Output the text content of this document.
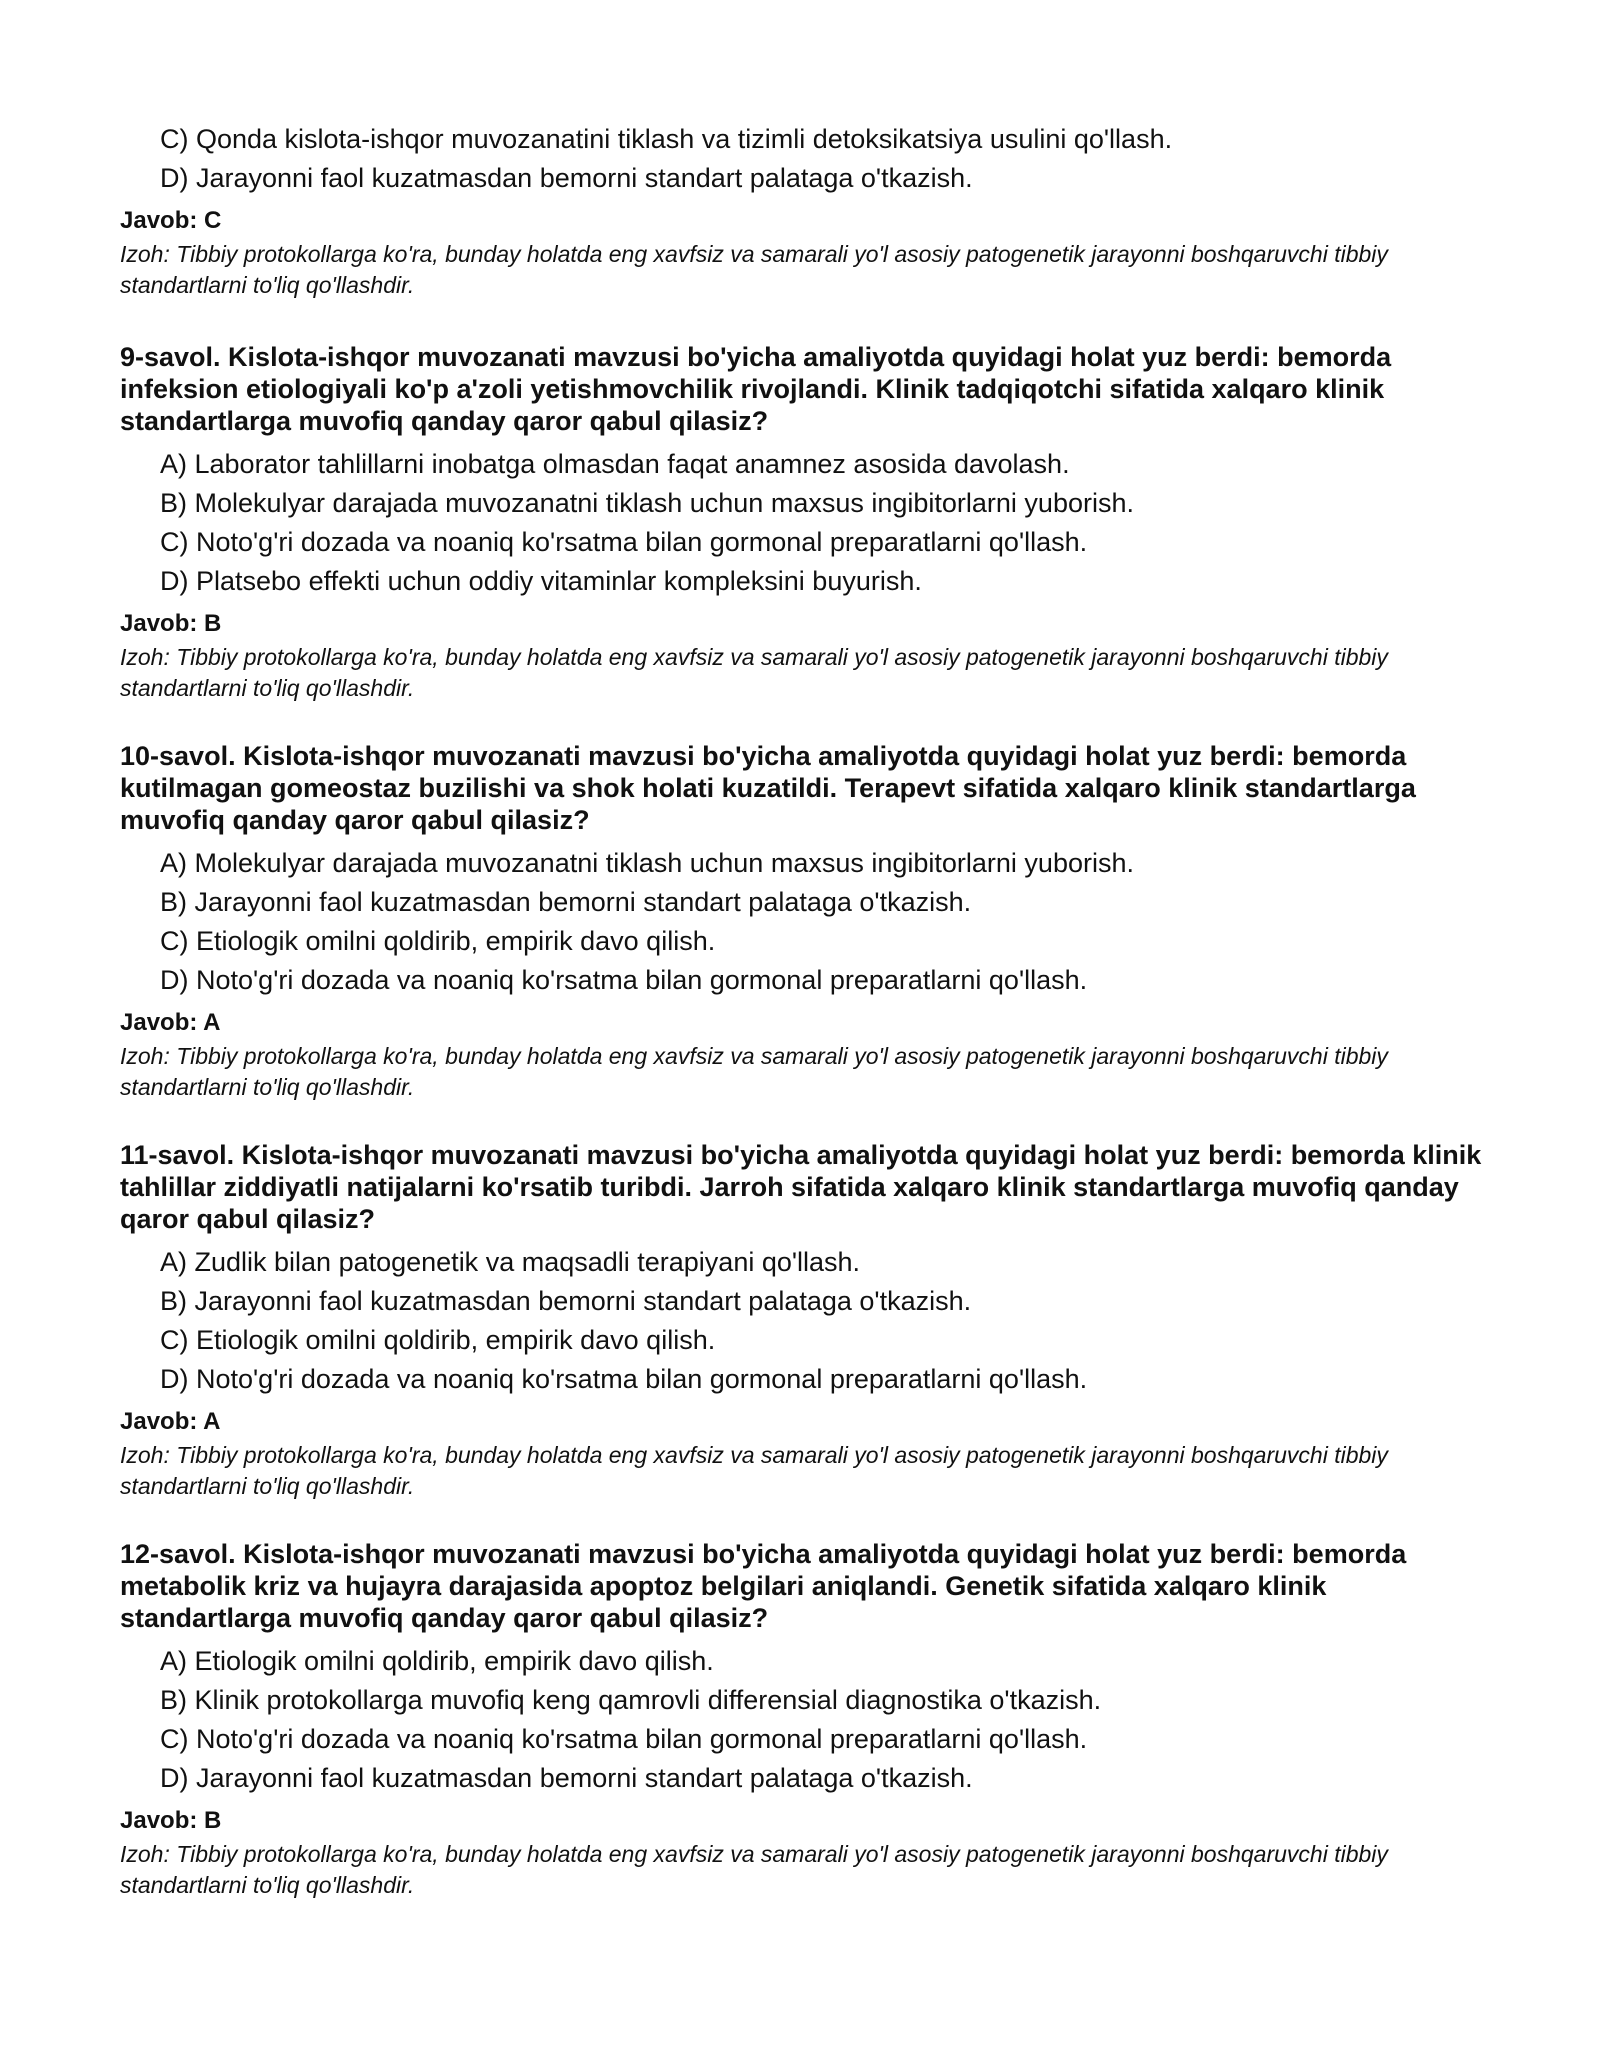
C) Qonda kislota-ishqor muvozanatini tiklash va tizimli detoksikatsiya usulini qo'llash.
D) Jarayonni faol kuzatmasdan bemorni standart palataga o'tkazish.
Javob: C
Izoh: Tibbiy protokollarga ko'ra, bunday holatda eng xavfsiz va samarali yo'l asosiy patogenetik jarayonni boshqaruvchi tibbiy standartlarni to'liq qo'llashdir.
9-savol. Kislota-ishqor muvozanati mavzusi bo'yicha amaliyotda quyidagi holat yuz berdi: bemorda infeksion etiologiyali ko'p a'zoli yetishmovchilik rivojlandi. Klinik tadqiqotchi sifatida xalqaro klinik standartlarga muvofiq qanday qaror qabul qilasiz?
A) Laborator tahlillarni inobatga olmasdan faqat anamnez asosida davolash.
B) Molekulyar darajada muvozanatni tiklash uchun maxsus ingibitorlarni yuborish.
C) Noto'g'ri dozada va noaniq ko'rsatma bilan gormonal preparatlarni qo'llash.
D) Platsebo effekti uchun oddiy vitaminlar kompleksini buyurish.
Javob: B
Izoh: Tibbiy protokollarga ko'ra, bunday holatda eng xavfsiz va samarali yo'l asosiy patogenetik jarayonni boshqaruvchi tibbiy standartlarni to'liq qo'llashdir.
10-savol. Kislota-ishqor muvozanati mavzusi bo'yicha amaliyotda quyidagi holat yuz berdi: bemorda kutilmagan gomeostaz buzilishi va shok holati kuzatildi. Terapevt sifatida xalqaro klinik standartlarga muvofiq qanday qaror qabul qilasiz?
A) Molekulyar darajada muvozanatni tiklash uchun maxsus ingibitorlarni yuborish.
B) Jarayonni faol kuzatmasdan bemorni standart palataga o'tkazish.
C) Etiologik omilni qoldirib, empirik davo qilish.
D) Noto'g'ri dozada va noaniq ko'rsatma bilan gormonal preparatlarni qo'llash.
Javob: A
Izoh: Tibbiy protokollarga ko'ra, bunday holatda eng xavfsiz va samarali yo'l asosiy patogenetik jarayonni boshqaruvchi tibbiy standartlarni to'liq qo'llashdir.
11-savol. Kislota-ishqor muvozanati mavzusi bo'yicha amaliyotda quyidagi holat yuz berdi: bemorda klinik tahlillar ziddiyatli natijalarni ko'rsatib turibdi. Jarroh sifatida xalqaro klinik standartlarga muvofiq qanday qaror qabul qilasiz?
A) Zudlik bilan patogenetik va maqsadli terapiyani qo'llash.
B) Jarayonni faol kuzatmasdan bemorni standart palataga o'tkazish.
C) Etiologik omilni qoldirib, empirik davo qilish.
D) Noto'g'ri dozada va noaniq ko'rsatma bilan gormonal preparatlarni qo'llash.
Javob: A
Izoh: Tibbiy protokollarga ko'ra, bunday holatda eng xavfsiz va samarali yo'l asosiy patogenetik jarayonni boshqaruvchi tibbiy standartlarni to'liq qo'llashdir.
12-savol. Kislota-ishqor muvozanati mavzusi bo'yicha amaliyotda quyidagi holat yuz berdi: bemorda metabolik kriz va hujayra darajasida apoptoz belgilari aniqlandi. Genetik sifatida xalqaro klinik standartlarga muvofiq qanday qaror qabul qilasiz?
A) Etiologik omilni qoldirib, empirik davo qilish.
B) Klinik protokollarga muvofiq keng qamrovli differensial diagnostika o'tkazish.
C) Noto'g'ri dozada va noaniq ko'rsatma bilan gormonal preparatlarni qo'llash.
D) Jarayonni faol kuzatmasdan bemorni standart palataga o'tkazish.
Javob: B
Izoh: Tibbiy protokollarga ko'ra, bunday holatda eng xavfsiz va samarali yo'l asosiy patogenetik jarayonni boshqaruvchi tibbiy standartlarni to'liq qo'llashdir.
